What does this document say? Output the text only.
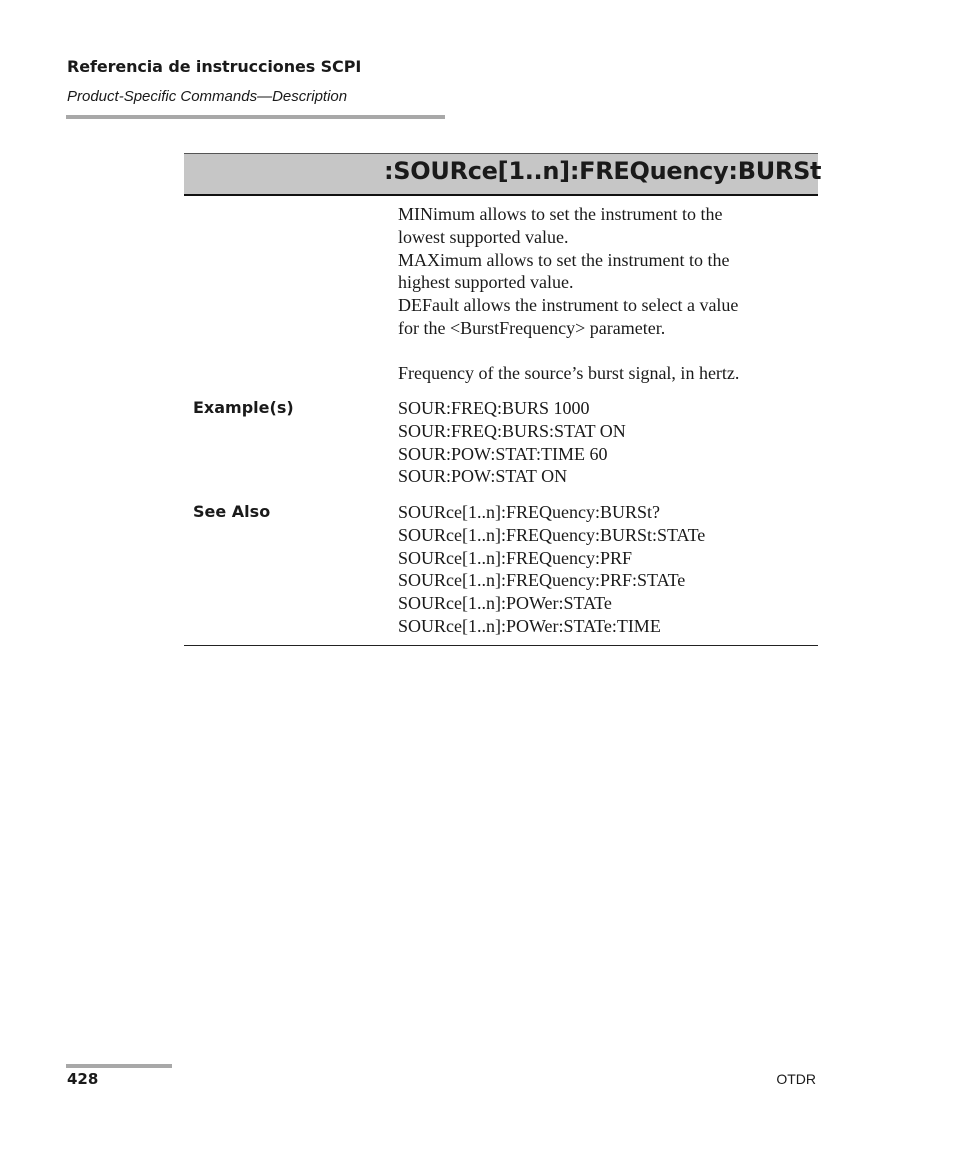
Referencia de instrucciones SCPI
Product-Specific Commands—Description
:SOURce[1..n]:FREQuency:BURSt
MINimum allows to set the instrument to the
lowest supported value.
MAXimum allows to set the instrument to the
highest supported value.
DEFault allows the instrument to select a value
for the <BurstFrequency> parameter.
Frequency of the source’s burst signal, in hertz.
Example(s)	SOUR:FREQ:BURS 1000
SOUR:FREQ:BURS:STAT ON
SOUR:POW:STAT:TIME 60
SOUR:POW:STAT ON
See Also	SOURce[1..n]:FREQuency:BURSt?
SOURce[1..n]:FREQuency:BURSt:STATe
SOURce[1..n]:FREQuency:PRF
SOURce[1..n]:FREQuency:PRF:STATe
SOURce[1..n]:POWer:STATe
SOURce[1..n]:POWer:STATe:TIME
428	OTDR
